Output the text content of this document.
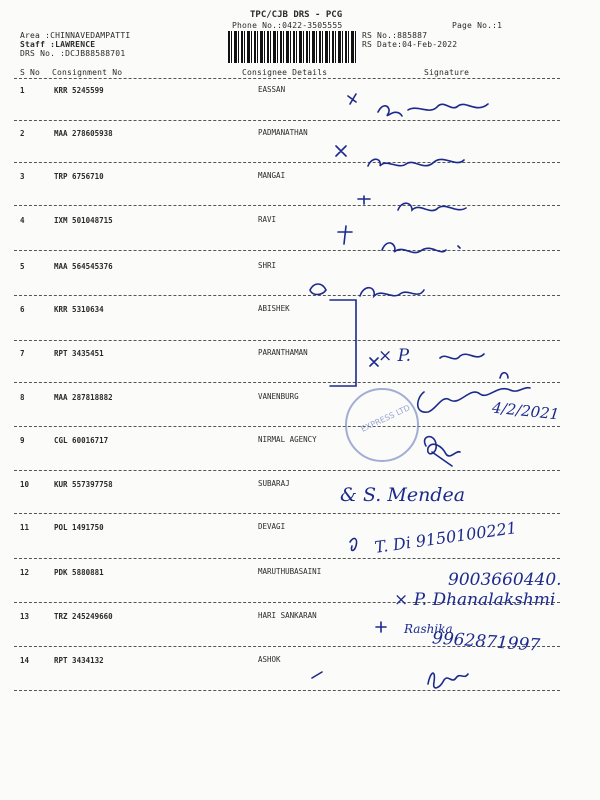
TPC/CJB DRS - PCG
Phone No.:0422-3505555	Page No.:1
Area :CHINNAVEDAMPATTI
Staff :LAWRENCE
DRS No. :DCJB88588701
RS No.:885887
RS Date:04-Feb-2022
S No Consignment No	Consignee Details	Signature
1	KRR 5245599	EASSAN
2	MAA 278605938	PADMANATHAN
3	TRP 6756710	MANGAI
4	IXM 501048715	RAVI
5	MAA 564545376	SHRI
6	KRR 5310634	ABISHEK
7	RPT 3435451	PARANTHAMAN
8	MAA 287818882	VANENBURG
9	CGL 60016717	NIRMAL AGENCY
10	KUR 557397758	SUBARAJ
11	POL 1491750	DEVAGI
12	PDK 5880881	MARUTHUBASAINI
13	TRZ 245249660	HARI SANKARAN
14	RPT 3434132	ASHOK
EXPRESS LTD
× P.
4/2/2021
& S. Mendea
T. Di 9150100221
9003660440.
× P. Dhanalakshmi
Rashika
9962871997
